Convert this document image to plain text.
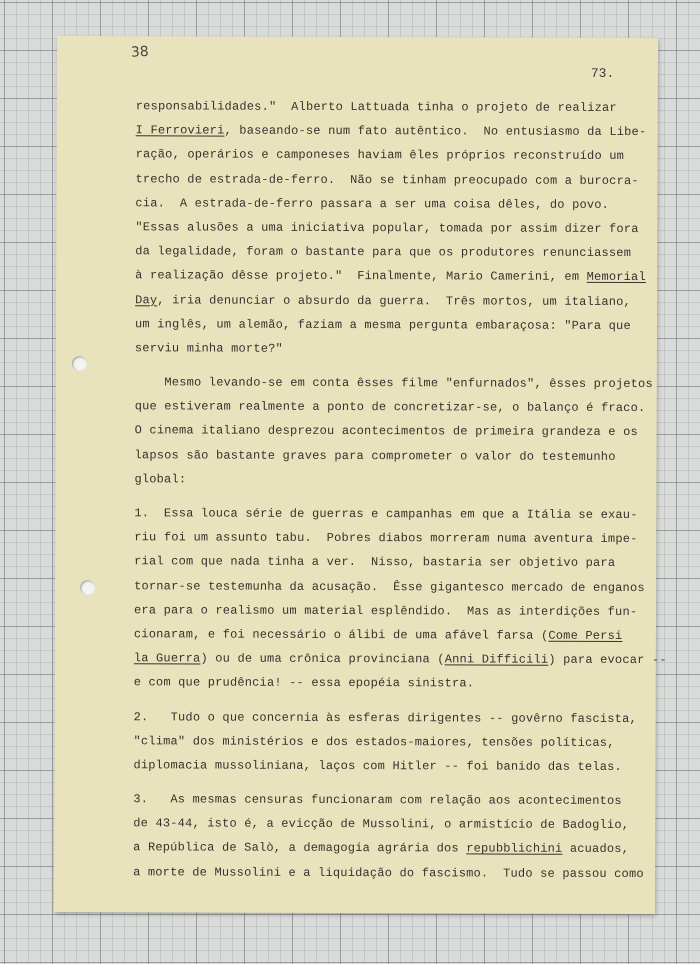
38
73.
responsabilidades."  Alberto Lattuada tinha o projeto de realizar
I Ferrovieri, baseando-se num fato autêntico.  No entusiasmo da Libe-
ração, operários e camponeses haviam êles próprios reconstruído um
trecho de estrada-de-ferro.  Não se tinham preocupado com a burocra-
cia.  A estrada-de-ferro passara a ser uma coisa dêles, do povo.
"Essas alusões a uma iniciativa popular, tomada por assim dizer fora
da legalidade, foram o bastante para que os produtores renunciassem
à realização dêsse projeto."  Finalmente, Mario Camerini, em Memorial
Day, iria denunciar o absurdo da guerra.  Três mortos, um italiano,
um inglês, um alemão, faziam a mesma pergunta embaraçosa: "Para que
serviu minha morte?"
Mesmo levando-se em conta êsses filme "enfurnados", êsses projetos
que estiveram realmente a ponto de concretizar-se, o balanço é fraco.
O cinema italiano desprezou acontecimentos de primeira grandeza e os
lapsos são bastante graves para comprometer o valor do testemunho
global:
1.  Essa louca série de guerras e campanhas em que a Itália se exau-
riu foi um assunto tabu.  Pobres diabos morreram numa aventura impe-
rial com que nada tinha a ver.  Nisso, bastaria ser objetivo para
tornar-se testemunha da acusação.  Êsse gigantesco mercado de enganos
era para o realismo um material esplêndido.  Mas as interdições fun-
cionaram, e foi necessário o álibi de uma afável farsa (Come Persi
la Guerra) ou de uma crônica provinciana (Anni Difficili) para evocar --
e com que prudência! -- essa epopéia sinistra.
2.   Tudo o que concernia às esferas dirigentes -- govêrno fascista,
"clima" dos ministérios e dos estados-maiores, tensões políticas,
diplomacia mussoliniana, laços com Hitler -- foi banido das telas.
3.   As mesmas censuras funcionaram com relação aos acontecimentos
de 43-44, isto é, a evicção de Mussolini, o armistício de Badoglio,
a República de Salò, a demagogia agrária dos repubblichini acuados,
a morte de Mussolini e a liquidação do fascismo.  Tudo se passou como
